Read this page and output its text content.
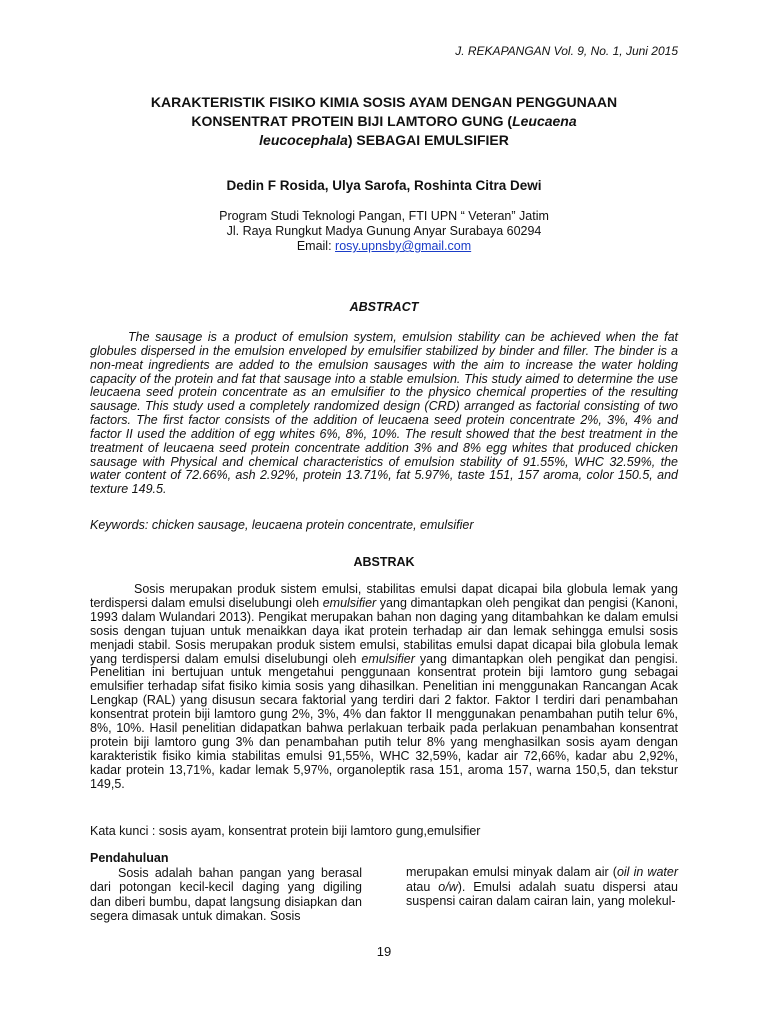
J. REKAPANGAN Vol. 9, No. 1, Juni 2015
KARAKTERISTIK FISIKO KIMIA SOSIS AYAM DENGAN PENGGUNAAN
KONSENTRAT PROTEIN BIJI LAMTORO GUNG (Leucaena
leucocephala) SEBAGAI EMULSIFIER
Dedin F Rosida, Ulya Sarofa, Roshinta Citra Dewi
Program Studi Teknologi Pangan, FTI UPN “ Veteran” Jatim
Jl. Raya Rungkut Madya Gunung Anyar Surabaya 60294
Email: rosy.upnsby@gmail.com
ABSTRACT
The sausage is a product of emulsion system, emulsion stability can be achieved when the fat globules dispersed in the emulsion enveloped by emulsifier stabilized by binder and filler. The binder is a non-meat ingredients are added to the emulsion sausages with the aim to increase the water holding capacity of the protein and fat that sausage into a stable emulsion. This study aimed to determine the use leucaena seed protein concentrate as an emulsifier to the physico chemical properties of the resulting sausage. This study used a completely randomized design (CRD) arranged as factorial consisting of two factors. The first factor consists of the addition of leucaena seed protein concentrate 2%, 3%, 4% and factor II used the addition of egg whites 6%, 8%, 10%. The result showed that the best treatment in the treatment of leucaena seed protein concentrate addition 3% and 8% egg whites that produced chicken sausage with Physical and chemical characteristics of emulsion stability of 91.55%, WHC 32.59%, the water content of 72.66%, ash 2.92%, protein 13.71%, fat 5.97%, taste 151, 157 aroma, color 150.5, and texture 149.5.
Keywords: chicken sausage, leucaena protein concentrate, emulsifier
ABSTRAK
Sosis merupakan produk sistem emulsi, stabilitas emulsi dapat dicapai bila globula lemak yang terdispersi dalam emulsi diselubungi oleh emulsifier yang dimantapkan oleh pengikat dan pengisi (Kanoni, 1993 dalam Wulandari 2013). Pengikat merupakan bahan non daging yang ditambahkan ke dalam emulsi sosis dengan tujuan untuk menaikkan daya ikat protein terhadap air dan lemak sehingga emulsi sosis menjadi stabil. Sosis merupakan produk sistem emulsi, stabilitas emulsi dapat dicapai bila globula lemak yang terdispersi dalam emulsi diselubungi oleh emulsifier yang dimantapkan oleh pengikat dan pengisi. Penelitian ini bertujuan untuk mengetahui penggunaan konsentrat protein biji lamtoro gung sebagai emulsifier terhadap sifat fisiko kimia sosis yang dihasilkan. Penelitian ini menggunakan Rancangan Acak Lengkap (RAL) yang disusun secara faktorial yang terdiri dari 2 faktor. Faktor I terdiri dari penambahan konsentrat protein biji lamtoro gung 2%, 3%, 4% dan faktor II menggunakan penambahan putih telur 6%, 8%, 10%. Hasil penelitian didapatkan bahwa perlakuan terbaik pada perlakuan penambahan konsentrat protein biji lamtoro gung 3% dan penambahan putih telur 8% yang menghasilkan sosis ayam dengan karakteristik fisiko kimia stabilitas emulsi 91,55%, WHC 32,59%, kadar air 72,66%, kadar abu 2,92%, kadar protein 13,71%, kadar lemak 5,97%, organoleptik rasa 151, aroma 157, warna 150,5, dan tekstur 149,5.
Kata kunci : sosis ayam, konsentrat protein biji lamtoro gung,emulsifier
Pendahuluan
Sosis adalah bahan pangan yang berasal dari potongan kecil-kecil daging yang digiling dan diberi bumbu, dapat langsung disiapkan dan segera dimasak untuk dimakan. Sosis
merupakan emulsi minyak dalam air (oil in water atau o/w). Emulsi adalah suatu dispersi atau suspensi cairan dalam cairan lain, yang molekul-
19
